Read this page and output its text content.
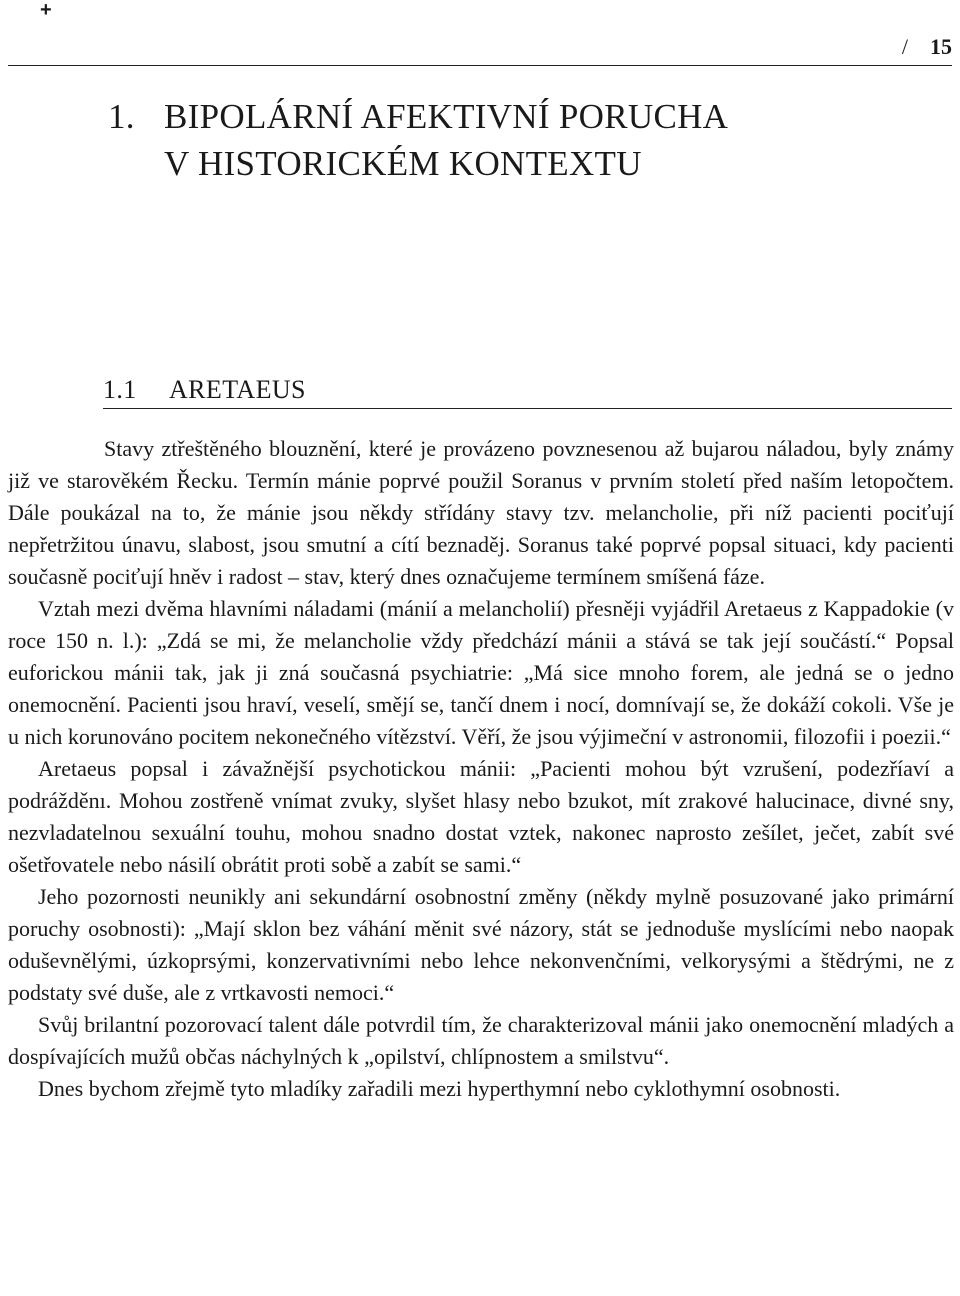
+
/ 15
1. BIPOLÁRNÍ AFEKTIVNÍ PORUCHA
V HISTORICKÉM KONTEXTU
1.1 ARETAEUS

Stavy ztřeštěného blouznění, které je provázeno povznesenou až bujarou náladou, byly známy již ve starověkém Řecku. Termín mánie poprvé použil Soranus v prvním století před naším letopočtem. Dále poukázal na to, že mánie jsou někdy střídány stavy tzv. melancholie, při níž pacienti pociťují nepřetržitou únavu, slabost, jsou smutní a cítí beznaděj. Soranus také poprvé popsal situaci, kdy pacienti současně pociťují hněv i radost – stav, který dnes označujeme termínem smíšená fáze.

Vztah mezi dvěma hlavními náladami (mánií a melancholií) přesněji vyjádřil Aretaeus z Kappadokie (v roce 150 n. l.): „Zdá se mi, že melancholie vždy předchází mánii a stává se tak její součástí.“ Popsal euforickou mánii tak, jak ji zná současná psychiatrie: „Má sice mnoho forem, ale jedná se o jedno onemocnění. Pacienti jsou hraví, veselí, smějí se, tančí dnem i nocí, domnívají se, že dokáží cokoli. Vše je u nich korunováno pocitem nekonečného vítězství. Věří, že jsou výjimeční v astronomii, filozofii i poezii.“

Aretaeus popsal i závažnější psychotickou mánii: „Pacienti mohou být vzrušení, podezříaví a podrážděnı. Mohou zostřeně vnímat zvuky, slyšet hlasy nebo bzukot, mít zrakové halucinace, divné sny, nezvladatelnou sexuální touhu, mohou snadno dostat vztek, nakonec naprosto zešílet, ječet, zabít své ošetřovatele nebo násilí obrátit proti sobě a zabít se sami.“

Jeho pozornosti neunikly ani sekundární osobnostní změny (někdy mylně posuzované jako primární poruchy osobnosti): „Mají sklon bez váhání měnit své názory, stát se jednoduše myslícími nebo naopak oduševnělými, úzkoprsými, konzervativními nebo lehce nekonvenčními, velkorysými a štědrými, ne z podstaty své duše, ale z vrtkavosti nemoci.“

Svůj brilantní pozorovací talent dále potvrdil tím, že charakterizoval mánii jako onemocnění mladých a dospívajících mužů občas náchylných k „opilství, chlípnostem a smilstvu“.

Dnes bychom zřejmě tyto mladíky zařadili mezi hyperthymní nebo cyklothymní osobnosti.
